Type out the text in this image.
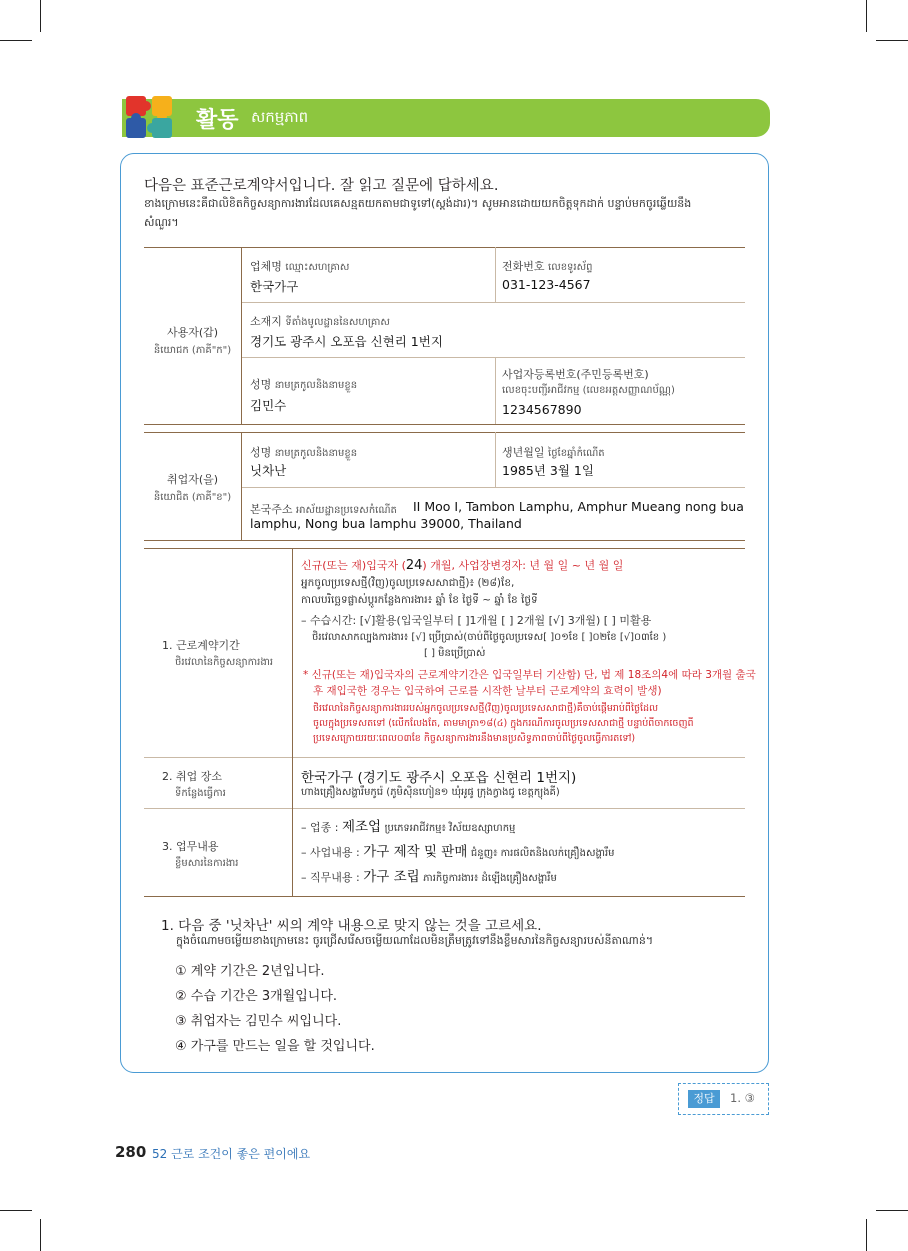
활동 សកម្មភាព
다음은 표준근로계약서입니다. 잘 읽고 질문에 답하세요.
ខាងក្រោមនេះគឺជាលិខិតកិច្ចសន្យាការងារដែលគេសន្មតយកតាមជាទូទៅ(ស្តង់ដារ)។ សូមអានដោយយកចិត្តទុកដាក់ បន្ទាប់មកចូរឆ្លើយនឹងសំណួរ។
사용자(갑)
និយោជក (ភាគី"ក")
업체명 ឈ្មោះសហគ្រាស
한국가구
전화번호 លេខទូរស័ព្ទ
031-123-4567
소재지 ទីតាំងមូលដ្ឋាននៃសហគ្រាស
경기도 광주시 오포읍 신현리 1번지
성명 នាមត្រកូលនិងនាមខ្លួន
김민수
사업자등록번호(주민등록번호)
លេខចុះបញ្ជីអាជីវកម្ម (លេខអត្តសញ្ញាណប័ណ្ណ)
1234567890
취업자(을)
និយោជិត (ភាគី"ខ")
성명 នាមត្រកូលនិងនាមខ្លួន
닛차난
생년월일 ថ្ងៃខែឆ្នាំកំណើត
1985년 3월 1일
본국주소 អាស័យដ្ឋានប្រទេសកំណើត II Moo I, Tambon Lamphu, Amphur Mueang nong bua
lamphu, Nong bua lamphu 39000, Thailand
1. 근로계약기간
ថិរវេលានៃកិច្ចសន្យាការងារ
신규(또는 재)입국자 (24) 개월, 사업장변경자: 년 월 일 ~ 년 월 일
អ្នកចូលប្រទេសថ្មី(វិញ)ចូលប្រទេសសាជាថ្មី)៖ (២៨)ខែ,
កាលបរិច្ឆេទផ្លាស់ប្តូរកន្លែងការងារ៖ ឆ្នាំ ខែ ថ្ងៃទី ~ ឆ្នាំ ខែ ថ្ងៃទី
– 수습시간: [√]활용(입국일부터 [ ]1개월 [ ] 2개월 [√] 3개월) [ ] 미활용
ថិរវេលាសាកល្បងការងារ៖ [√] ប្រើប្រាស់(ចាប់ពីថ្ងៃចូលប្រទេស[ ]០១ខែ [ ]០២ខែ [√]០៣ខែ )
[ ] មិនប្រើប្រាស់
* 신규(또는 재)입국자의 근로계약기간은 입국일부터 기산함) 단, 법 제 18조의4에 따라 3개월 출국
후 재입국한 경우는 입국하여 근로를 시작한 날부터 근로계약의 효력이 발생)
ថិរវេលានៃកិច្ចសន្យាការងាររបស់អ្នកចូលប្រទេសថ្មី(វិញ)ចូលប្រទេសសាជាថ្មី)គឺចាប់ផ្តើមរាប់ពីថ្ងៃដែល
ចូលក្នុងប្រទេសតទៅ (លើកលែងតែ, តាមមាត្រា១៨(៤) ក្នុងករណីការចូលប្រទេសសាជាថ្មី បន្ទាប់ពីចាកចេញពី
ប្រទេសក្រោយរយៈពេល០៣ខែ កិច្ចសន្យាការងារនឹងមានប្រសិទ្ធភាពចាប់ពីថ្ងៃចូលធ្វើការតទៅ)
2. 취업 장소
ទីកន្លែងធ្វើការ
한국가구 (경기도 광주시 오포읍 신현리 1번지)
ហាងគ្រឿងសង្ហារឹមកូរ៉េ (ភូមិសុិនហៀន១ ឃុំអូផូ ក្រុងក្វាងជូ ខេត្តក្យុងគី)
3. 업무내용
ខ្លឹមសារនៃការងារ
– 업종 : 제조업 ប្រភេទអាជីវកម្ម៖ វិស័យឧស្សាហកម្ម
– 사업내용 : 가구 제작 및 판매 ជំនួញ៖ ការផលិតនិងលក់គ្រឿងសង្ហារឹម
– 직무내용 : 가구 조립 ភារកិច្ចការងារ៖ ដំឡើងគ្រឿងសង្ហារឹម
1. 다음 중 '닛차난' 씨의 계약 내용으로 맞지 않는 것을 고르세요.
ក្នុងចំណោមចម្លើយខាងក្រោមនេះ ចូរជ្រើសរើសចម្លើយណាដែលមិនត្រឹមត្រូវទៅនឹងខ្លឹមសារនៃកិច្ចសន្យារបស់នីតាណាន់។
① 계약 기간은 2년입니다.
② 수습 기간은 3개월입니다.
③ 취업자는 김민수 씨입니다.
④ 가구를 만드는 일을 할 것입니다.
정답	1. ③
280 52 근로 조건이 좋은 편이에요
